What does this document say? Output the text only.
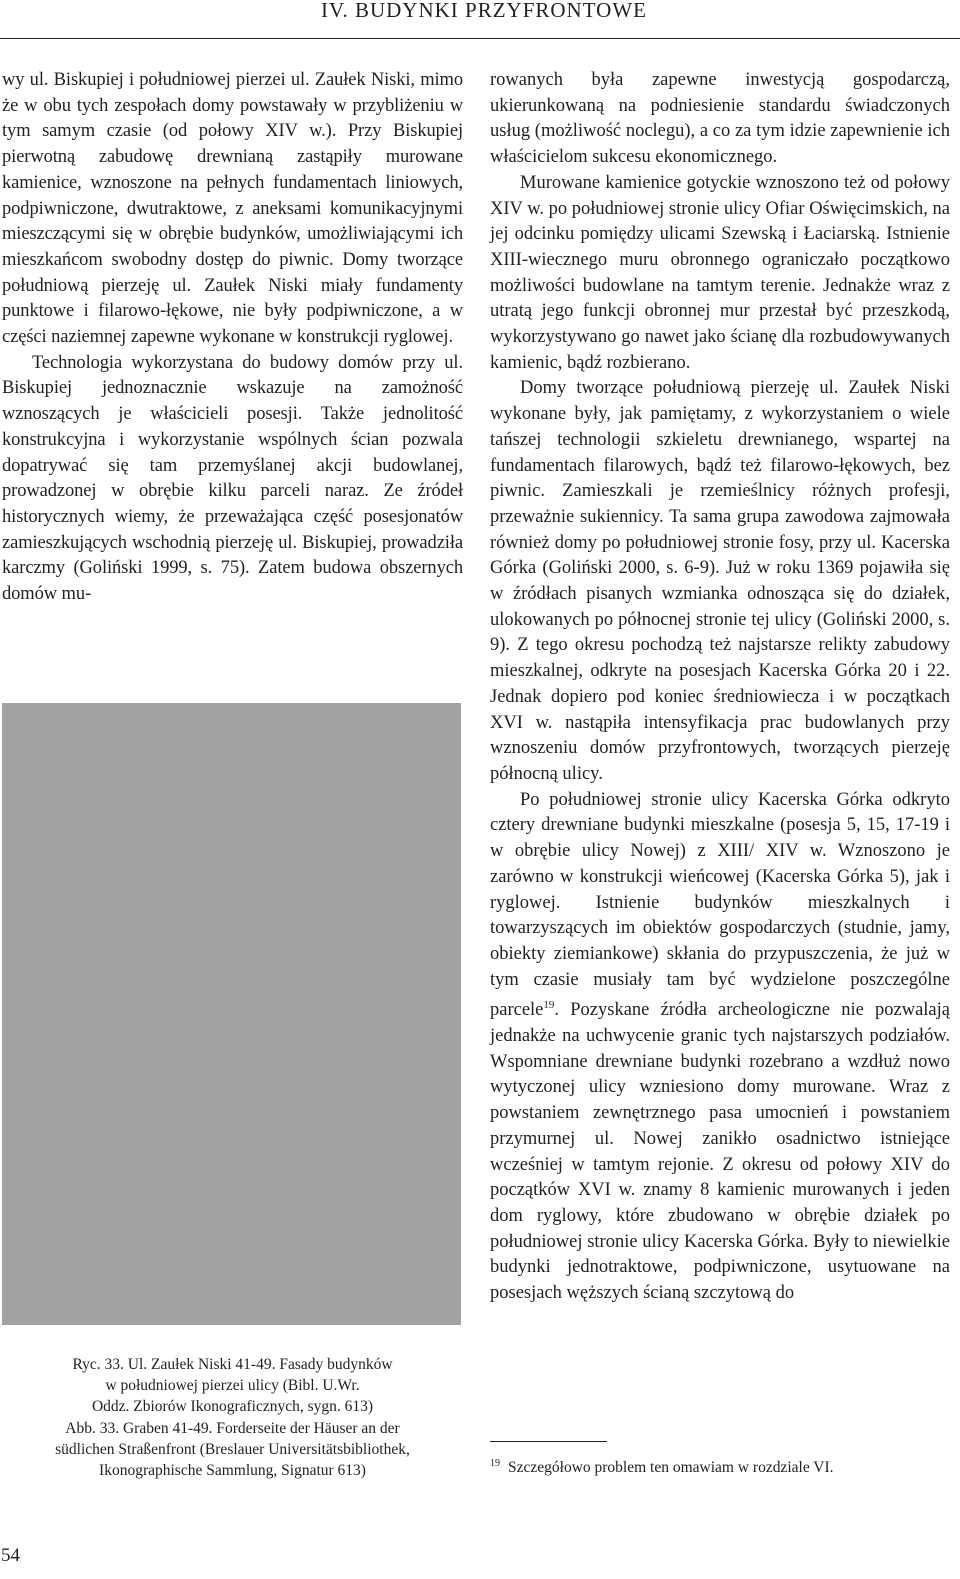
IV. BUDYNKI PRZYFRONTOWE

wy ul. Biskupiej i południowej pierzei ul. Zaułek Niski, mimo że w obu tych zespołach domy powstawały w przybliżeniu w tym samym czasie (od połowy XIV w.). Przy Biskupiej pierwotną zabudowę drewnianą zastąpiły murowane kamienice, wznoszone na pełnych fundamentach liniowych, podpiwniczone, dwutraktowe, z aneksami komunikacyjnymi mieszczącymi się w obrębie budynków, umożliwiającymi ich mieszkańcom swobodny dostęp do piwnic. Domy tworzące południową pierzeję ul. Zaułek Niski miały fundamenty punktowe i filarowo-łękowe, nie były podpiwniczone, a w części naziemnej zapewne wykonane w konstrukcji ryglowej.

Technologia wykorzystana do budowy domów przy ul. Biskupiej jednoznacznie wskazuje na zamożność wznoszących je właścicieli posesji. Także jednolitość konstrukcyjna i wykorzystanie wspólnych ścian pozwala dopatrywać się tam przemyślanej akcji budowlanej, prowadzonej w obrębie kilku parceli naraz. Ze źródeł historycznych wiemy, że przeważająca część posesjonatów zamieszkujących wschodnią pierzeję ul. Biskupiej, prowadziła karczmy (Goliński 1999, s. 75). Zatem budowa obszernych domów mu-

Ryc. 33. Ul. Zaułek Niski 41-49. Fasady budynków
w południowej pierzei ulicy (Bibl. U.Wr.
Oddz. Zbiorów Ikonograficznych, sygn. 613)
Abb. 33. Graben 41-49. Forderseite der Häuser an der
südlichen Straßenfront (Breslauer Universitätsbibliothek,
Ikonographische Sammlung, Signatur 613)

rowanych była zapewne inwestycją gospodarczą, ukierunkowaną na podniesienie standardu świadczonych usług (możliwość noclegu), a co za tym idzie zapewnienie ich właścicielom sukcesu ekonomicznego.

Murowane kamienice gotyckie wznoszono też od połowy XIV w. po południowej stronie ulicy Ofiar Oświęcimskich, na jej odcinku pomiędzy ulicami Szewską i Łaciarską. Istnienie XIII-wiecznego muru obronnego ograniczało początkowo możliwości budowlane na tamtym terenie. Jednakże wraz z utratą jego funkcji obronnej mur przestał być przeszkodą, wykorzystywano go nawet jako ścianę dla rozbudowywanych kamienic, bądź rozbierano.

Domy tworzące południową pierzeję ul. Zaułek Niski wykonane były, jak pamiętamy, z wykorzystaniem o wiele tańszej technologii szkieletu drewnianego, wspartej na fundamentach filarowych, bądź też filarowo-łękowych, bez piwnic. Zamieszkali je rzemieślnicy różnych profesji, przeważnie sukiennicy. Ta sama grupa zawodowa zajmowała również domy po południowej stronie fosy, przy ul. Kacerska Górka (Goliński 2000, s. 6-9). Już w roku 1369 pojawiła się w źródłach pisanych wzmianka odnosząca się do działek, ulokowanych po północnej stronie tej ulicy (Goliński 2000, s. 9). Z tego okresu pochodzą też najstarsze relikty zabudowy mieszkalnej, odkryte na posesjach Kacerska Górka 20 i 22. Jednak dopiero pod koniec średniowiecza i w początkach XVI w. nastąpiła intensyfikacja prac budowlanych przy wznoszeniu domów przyfrontowych, tworzących pierzeję północną ulicy.

Po południowej stronie ulicy Kacerska Górka odkryto cztery drewniane budynki mieszkalne (posesja 5, 15, 17-19 i w obrębie ulicy Nowej) z XIII/ XIV w. Wznoszono je zarówno w konstrukcji wieńcowej (Kacerska Górka 5), jak i ryglowej. Istnienie budynków mieszkalnych i towarzyszących im obiektów gospodarczych (studnie, jamy, obiekty ziemiankowe) skłania do przypuszczenia, że już w tym czasie musiały tam być wydzielone poszczególne parcele$^{19}$. Pozyskane źródła archeologiczne nie pozwalają jednakże na uchwycenie granic tych najstarszych podziałów. Wspomniane drewniane budynki rozebrano a wzdłuż nowo wytyczonej ulicy wzniesiono domy murowane. Wraz z powstaniem zewnętrznego pasa umocnień i powstaniem przymurnej ul. Nowej zanikło osadnictwo istniejące wcześniej w tamtym rejonie. Z okresu od połowy XIV do początków XVI w. znamy 8 kamienic murowanych i jeden dom ryglowy, które zbudowano w obrębie działek po południowej stronie ulicy Kacerska Górka. Były to niewielkie budynki jednotraktowe, podpiwniczone, usytuowane na posesjach węższych ścianą szczytową do

$^{19}$ Szczegółowo problem ten omawiam w rozdziale VI.
54
